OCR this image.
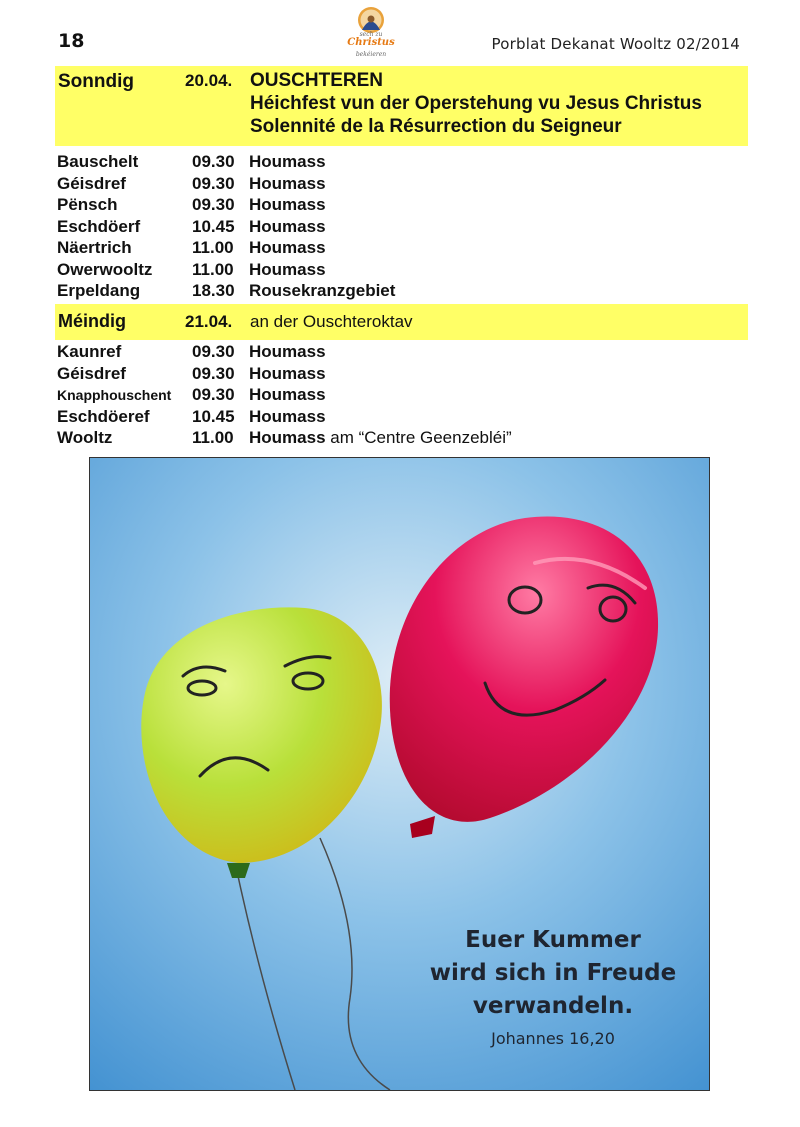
18	sech zu
Christus
bekéieren
Porblat Dekanat Wooltz 02/2014
Sonndig	20.04. OUSCHTEREN
Héichfest vun der Operstehung vu Jesus Christus
Solennité de la Résurrection du Seigneur
Bauschelt	09.30 Houmass
Géisdref	09.30 Houmass
Pënsch	09.30 Houmass
Eschdöerf	10.45 Houmass
Näertrich	11.00 Houmass
Owerwooltz 11.00 Houmass
Erpeldang	18.30 Rousekranzgebiet
Méindig	21.04. an der Ouschteroktav
Kaunref	09.30 Houmass
Géisdref	09.30 Houmass
Knapphouschent 09.30 Houmass
Eschdöeref 10.45 Houmass
Wooltz	11.00 Houmass am “Centre Geenzebléi”
Euer Kummer
wird sich in Freude
verwandeln.
Johannes 16,20
